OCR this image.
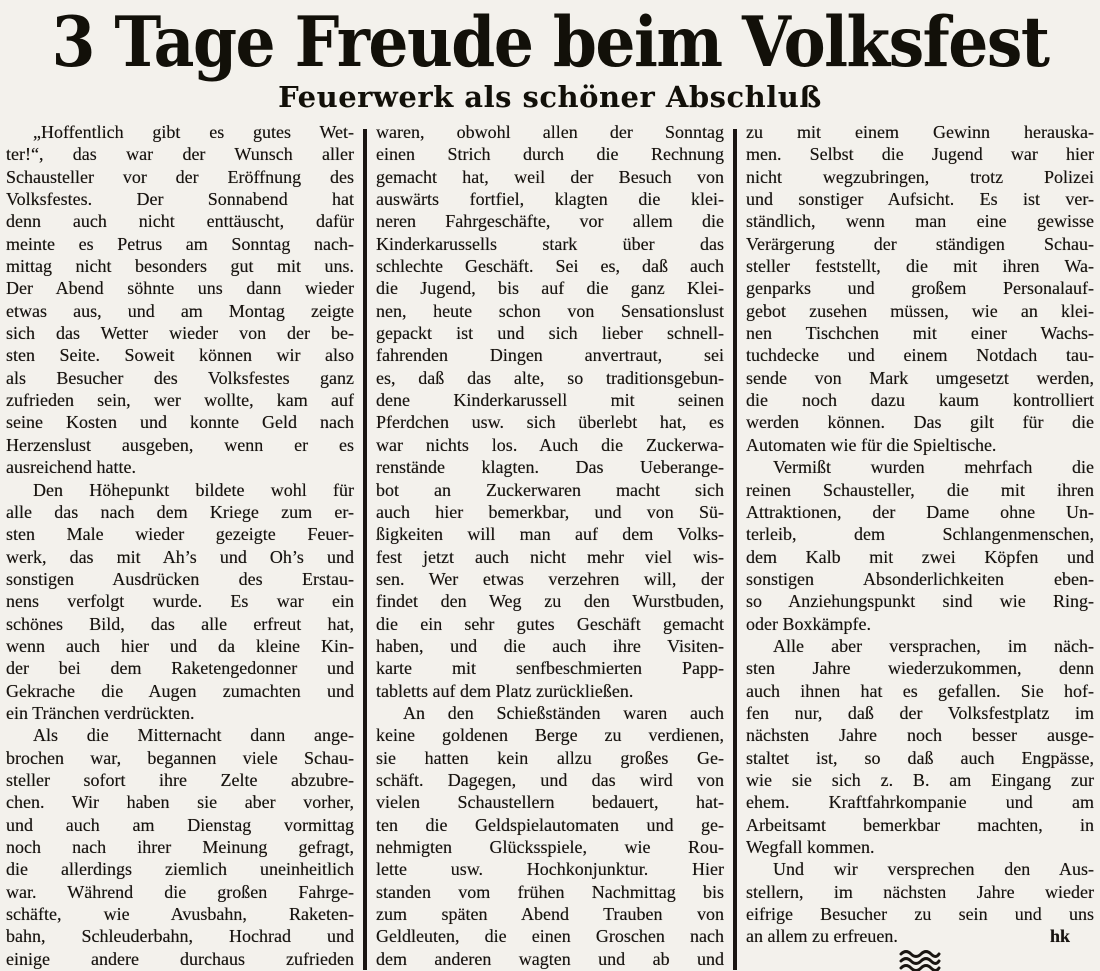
3 Tage Freude beim Volksfest
Feuerwerk als schöner Abschluß
„Hoffentlich gibt es gutes Wet-
ter!“, das war der Wunsch aller
Schausteller vor der Eröffnung des
Volksfestes. Der Sonnabend hat
denn auch nicht enttäuscht, dafür
meinte es Petrus am Sonntag nach-
mittag nicht besonders gut mit uns.
Der Abend söhnte uns dann wieder
etwas aus, und am Montag zeigte
sich das Wetter wieder von der be-
sten Seite. Soweit können wir also
als Besucher des Volksfestes ganz
zufrieden sein, wer wollte, kam auf
seine Kosten und konnte Geld nach
Herzenslust ausgeben, wenn er es
ausreichend hatte.
Den Höhepunkt bildete wohl für
alle das nach dem Kriege zum er-
sten Male wieder gezeigte Feuer-
werk, das mit Ah’s und Oh’s und
sonstigen Ausdrücken des Erstau-
nens verfolgt wurde. Es war ein
schönes Bild, das alle erfreut hat,
wenn auch hier und da kleine Kin-
der bei dem Raketengedonner und
Gekrache die Augen zumachten und
ein Tränchen verdrückten.
Als die Mitternacht dann ange-
brochen war, begannen viele Schau-
steller sofort ihre Zelte abzubre-
chen. Wir haben sie aber vorher,
und auch am Dienstag vormittag
noch nach ihrer Meinung gefragt,
die allerdings ziemlich uneinheitlich
war. Während die großen Fahrge-
schäfte, wie Avusbahn, Raketen-
bahn, Schleuderbahn, Hochrad und
einige andere durchaus zufrieden
waren, obwohl allen der Sonntag
einen Strich durch die Rechnung
gemacht hat, weil der Besuch von
auswärts fortfiel, klagten die klei-
neren Fahrgeschäfte, vor allem die
Kinderkarussells stark über das
schlechte Geschäft. Sei es, daß auch
die Jugend, bis auf die ganz Klei-
nen, heute schon von Sensationslust
gepackt ist und sich lieber schnell-
fahrenden Dingen anvertraut, sei
es, daß das alte, so traditionsgebun-
dene Kinderkarussell mit seinen
Pferdchen usw. sich überlebt hat, es
war nichts los. Auch die Zuckerwa-
renstände klagten. Das Ueberange-
bot an Zuckerwaren macht sich
auch hier bemerkbar, und von Sü-
ßigkeiten will man auf dem Volks-
fest jetzt auch nicht mehr viel wis-
sen. Wer etwas verzehren will, der
findet den Weg zu den Wurstbuden,
die ein sehr gutes Geschäft gemacht
haben, und die auch ihre Visiten-
karte mit senfbeschmierten Papp-
tabletts auf dem Platz zurückließen.
An den Schießständen waren auch
keine goldenen Berge zu verdienen,
sie hatten kein allzu großes Ge-
schäft. Dagegen, und das wird von
vielen Schaustellern bedauert, hat-
ten die Geldspielautomaten und ge-
nehmigten Glücksspiele, wie Rou-
lette usw. Hochkonjunktur. Hier
standen vom frühen Nachmittag bis
zum späten Abend Trauben von
Geldleuten, die einen Groschen nach
dem anderen wagten und ab und
zu mit einem Gewinn herauska-
men. Selbst die Jugend war hier
nicht wegzubringen, trotz Polizei
und sonstiger Aufsicht. Es ist ver-
ständlich, wenn man eine gewisse
Verärgerung der ständigen Schau-
steller feststellt, die mit ihren Wa-
genparks und großem Personalauf-
gebot zusehen müssen, wie an klei-
nen Tischchen mit einer Wachs-
tuchdecke und einem Notdach tau-
sende von Mark umgesetzt werden,
die noch dazu kaum kontrolliert
werden können. Das gilt für die
Automaten wie für die Spieltische.
Vermißt wurden mehrfach die
reinen Schausteller, die mit ihren
Attraktionen, der Dame ohne Un-
terleib, dem Schlangenmenschen,
dem Kalb mit zwei Köpfen und
sonstigen Absonderlichkeiten eben-
so Anziehungspunkt sind wie Ring-
oder Boxkämpfe.
Alle aber versprachen, im näch-
sten Jahre wiederzukommen, denn
auch ihnen hat es gefallen. Sie hof-
fen nur, daß der Volksfestplatz im
nächsten Jahre noch besser ausge-
staltet ist, so daß auch Engpässe,
wie sie sich z. B. am Eingang zur
ehem. Kraftfahrkompanie und am
Arbeitsamt bemerkbar machten, in
Wegfall kommen.
Und wir versprechen den Aus-
stellern, im nächsten Jahre wieder
eifrige Besucher zu sein und uns
an allem zu erfreuen.	hk
